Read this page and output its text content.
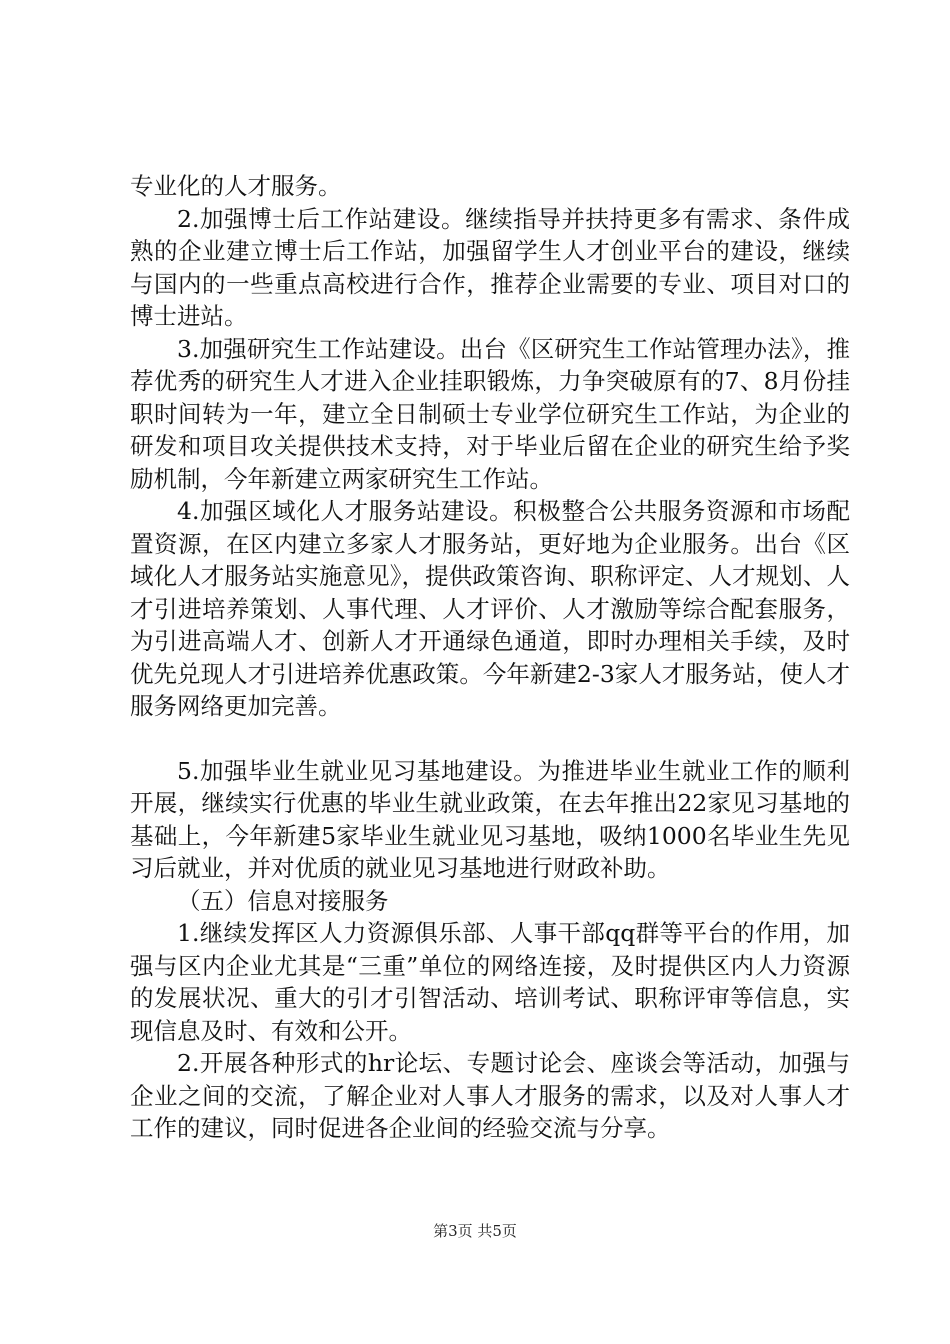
专业化的人才服务。

2.加强博士后工作站建设。继续指导并扶持更多有需求、条件成熟的企业建立博士后工作站，加强留学生人才创业平台的建设，继续与国内的一些重点高校进行合作，推荐企业需要的专业、项目对口的博士进站。

3.加强研究生工作站建设。出台《区研究生工作站管理办法》，推荐优秀的研究生人才进入企业挂职锻炼，力争突破原有的7、8月份挂职时间转为一年，建立全日制硕士专业学位研究生工作站，为企业的研发和项目攻关提供技术支持，对于毕业后留在企业的研究生给予奖励机制，今年新建立两家研究生工作站。

4.加强区域化人才服务站建设。积极整合公共服务资源和市场配置资源，在区内建立多家人才服务站，更好地为企业服务。出台《区域化人才服务站实施意见》，提供政策咨询、职称评定、人才规划、人才引进培养策划、人事代理、人才评价、人才激励等综合配套服务，为引进高端人才、创新人才开通绿色通道，即时办理相关手续，及时优先兑现人才引进培养优惠政策。今年新建2-3家人才服务站，使人才服务网络更加完善。

5.加强毕业生就业见习基地建设。为推进毕业生就业工作的顺利开展，继续实行优惠的毕业生就业政策，在去年推出22家见习基地的基础上，今年新建5家毕业生就业见习基地，吸纳1000名毕业生先见习后就业，并对优质的就业见习基地进行财政补助。

（五）信息对接服务

1.继续发挥区人力资源俱乐部、人事干部qq群等平台的作用，加强与区内企业尤其是“三重”单位的网络连接，及时提供区内人力资源的发展状况、重大的引才引智活动、培训考试、职称评审等信息，实现信息及时、有效和公开。

2.开展各种形式的hr论坛、专题讨论会、座谈会等活动，加强与企业之间的交流，了解企业对人事人才服务的需求，以及对人事人才工作的建议，同时促进各企业间的经验交流与分享。

第3页 共5页
